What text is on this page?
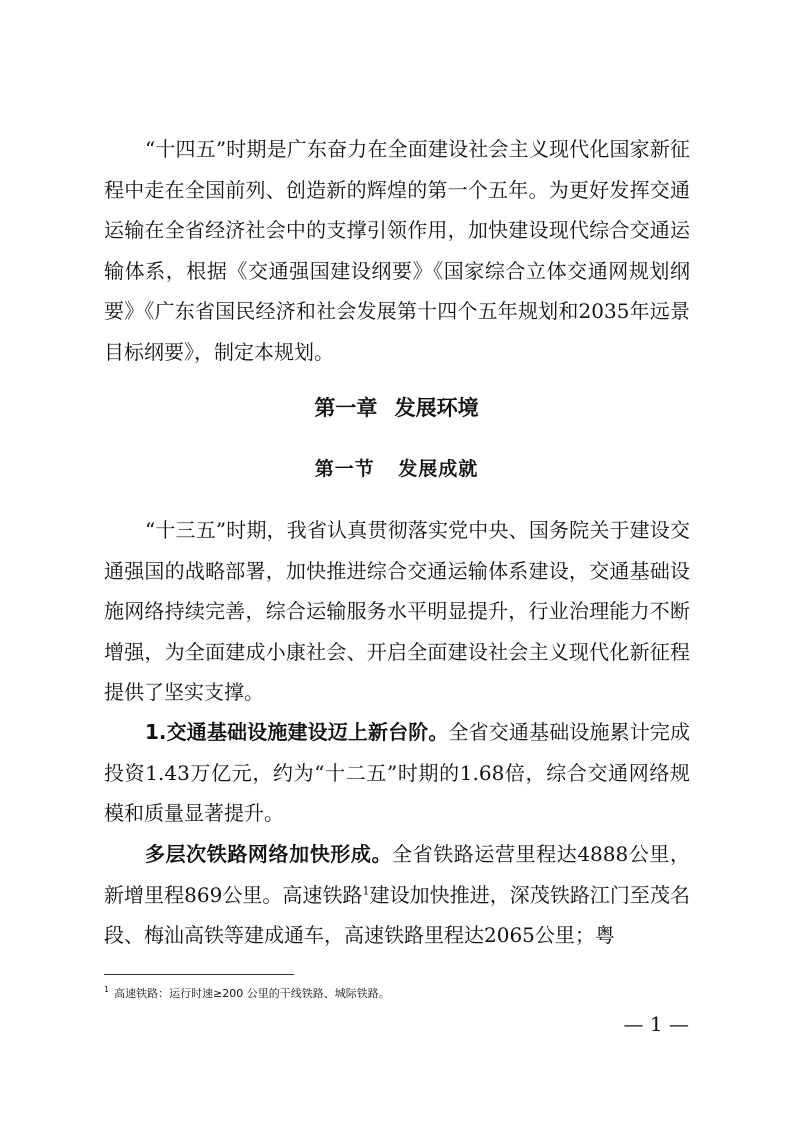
“十四五”时期是广东奋力在全面建设社会主义现代化国家新征程中走在全国前列、创造新的辉煌的第一个五年。为更好发挥交通运输在全省经济社会中的支撑引领作用，加快建设现代综合交通运输体系，根据《交通强国建设纲要》《国家综合立体交通网规划纲要》《广东省国民经济和社会发展第十四个五年规划和2035年远景目标纲要》，制定本规划。

第一章 发展环境
第一节 发展成就

“十三五”时期，我省认真贯彻落实党中央、国务院关于建设交通强国的战略部署，加快推进综合交通运输体系建设，交通基础设施网络持续完善，综合运输服务水平明显提升，行业治理能力不断增强，为全面建成小康社会、开启全面建设社会主义现代化新征程提供了坚实支撑。

1.交通基础设施建设迈上新台阶。全省交通基础设施累计完成投资1.43万亿元，约为“十二五”时期的1.68倍，综合交通网络规模和质量显著提升。

多层次铁路网络加快形成。全省铁路运营里程达4888公里，新增里程869公里。高速铁路$^1$建设加快推进，深茂铁路江门至茂名段、梅汕高铁等建成通车，高速铁路里程达2065公里；粤

$^1$ 高速铁路：运行时速≥200 公里的干线铁路、城际铁路。

— 1 —
